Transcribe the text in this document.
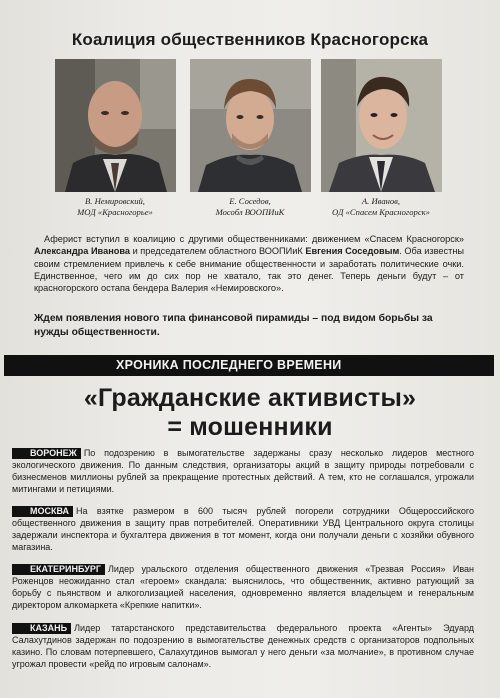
Коалиция общественников Красногорска
В. Немировский,
МОД «Красногорье»
Е. Соседов,
Мособл ВООПИиК
А. Иванов,
ОД «Спасем Красногорск»
Аферист вступил в коалицию с другими общественниками: движением «Спасем Красногорск» Александра Иванова и председателем областного ВООПИиК Евгения Соседовым. Оба известны своим стремлением привлечь к себе внимание общественности и заработать политические очки. Единственное, чего им до сих пор не хватало, так это денег. Теперь деньги будут – от красногорского остапа бендера Валерия «Немировского».
Ждем появления нового типа финансовой пирамиды – под видом борьбы за нужды общественности.
ХРОНИКА ПОСЛЕДНЕГО ВРЕМЕНИ
«Гражданские активисты»
= мошенники
ВОРОНЕЖ По подозрению в вымогательстве задержаны сразу несколько лидеров местного экологического движения. По данным следствия, организаторы акций в защиту природы потребовали с бизнесменов миллионы рублей за прекращение протестных действий. А тем, кто не соглашался, угрожали митингами и петициями.
МОСКВА На взятке размером в 600 тысяч рублей погорели сотрудники Общероссийского общественного движения в защиту прав потребителей. Оперативники УВД Центрального округа столицы задержали инспектора и бухгалтера движения в тот момент, когда они получали деньги с хозяйки обувного магазина.
ЕКАТЕРИНБУРГ Лидер уральского отделения общественного движения «Трезвая Россия» Иван Роженцов неожиданно стал «героем» скандала: выяснилось, что общественник, активно ратующий за борьбу с пьянством и алкоголизацией населения, одновременно является владельцем и генеральным директором алкомаркета «Крепкие напитки».
КАЗАНЬ Лидер татарстанского представительства федерального проекта «Агенты» Эдуард Салахутдинов задержан по подозрению в вымогательстве денежных средств с организаторов подпольных казино. По словам потерпевшего, Салахутдинов вымогал у него деньги «за молчание», в противном случае угрожал провести «рейд по игровым салонам».
